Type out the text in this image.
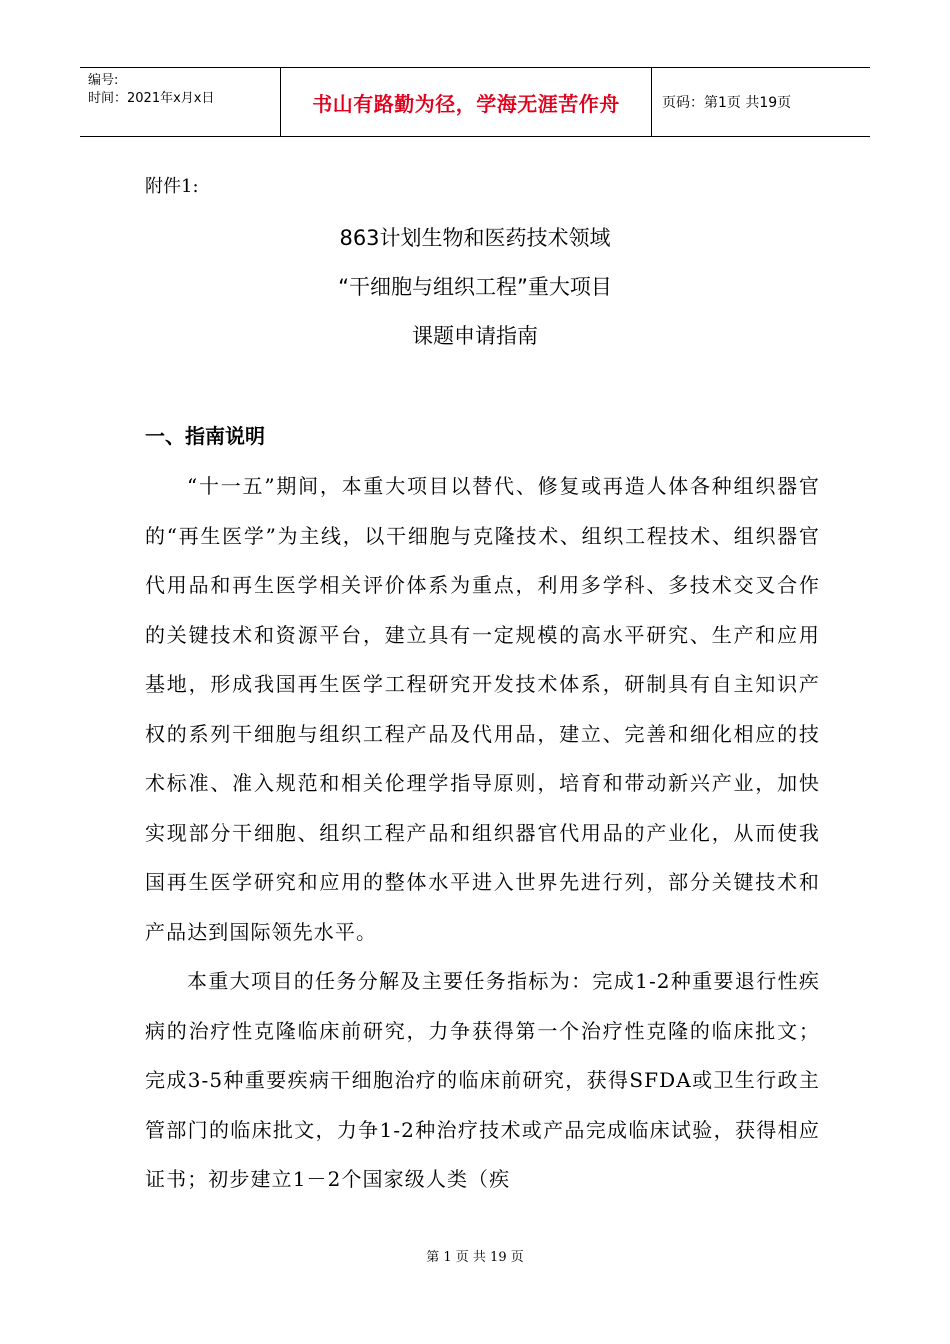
编号:
时间：2021年x月x日	书山有路勤为径，学海无涯苦作舟	页码：第1页 共19页
附件1:
863计划生物和医药技术领域
“干细胞与组织工程”重大项目
课题申请指南
一、指南说明

“十一五”期间，本重大项目以替代、修复或再造人体各种组织器官的“再生医学”为主线，以干细胞与克隆技术、组织工程技术、组织器官代用品和再生医学相关评价体系为重点，利用多学科、多技术交叉合作的关键技术和资源平台，建立具有一定规模的高水平研究、生产和应用基地，形成我国再生医学工程研究开发技术体系，研制具有自主知识产权的系列干细胞与组织工程产品及代用品，建立、完善和细化相应的技术标准、准入规范和相关伦理学指导原则，培育和带动新兴产业，加快实现部分干细胞、组织工程产品和组织器官代用品的产业化，从而使我国再生医学研究和应用的整体水平进入世界先进行列，部分关键技术和产品达到国际领先水平。

本重大项目的任务分解及主要任务指标为：完成1-2种重要退行性疾病的治疗性克隆临床前研究，力争获得第一个治疗性克隆的临床批文；完成3-5种重要疾病干细胞治疗的临床前研究，获得SFDA或卫生行政主管部门的临床批文，力争1-2种治疗技术或产品完成临床试验，获得相应证书；初步建立1－2个国家级人类（疾

第 1 页 共 19 页
